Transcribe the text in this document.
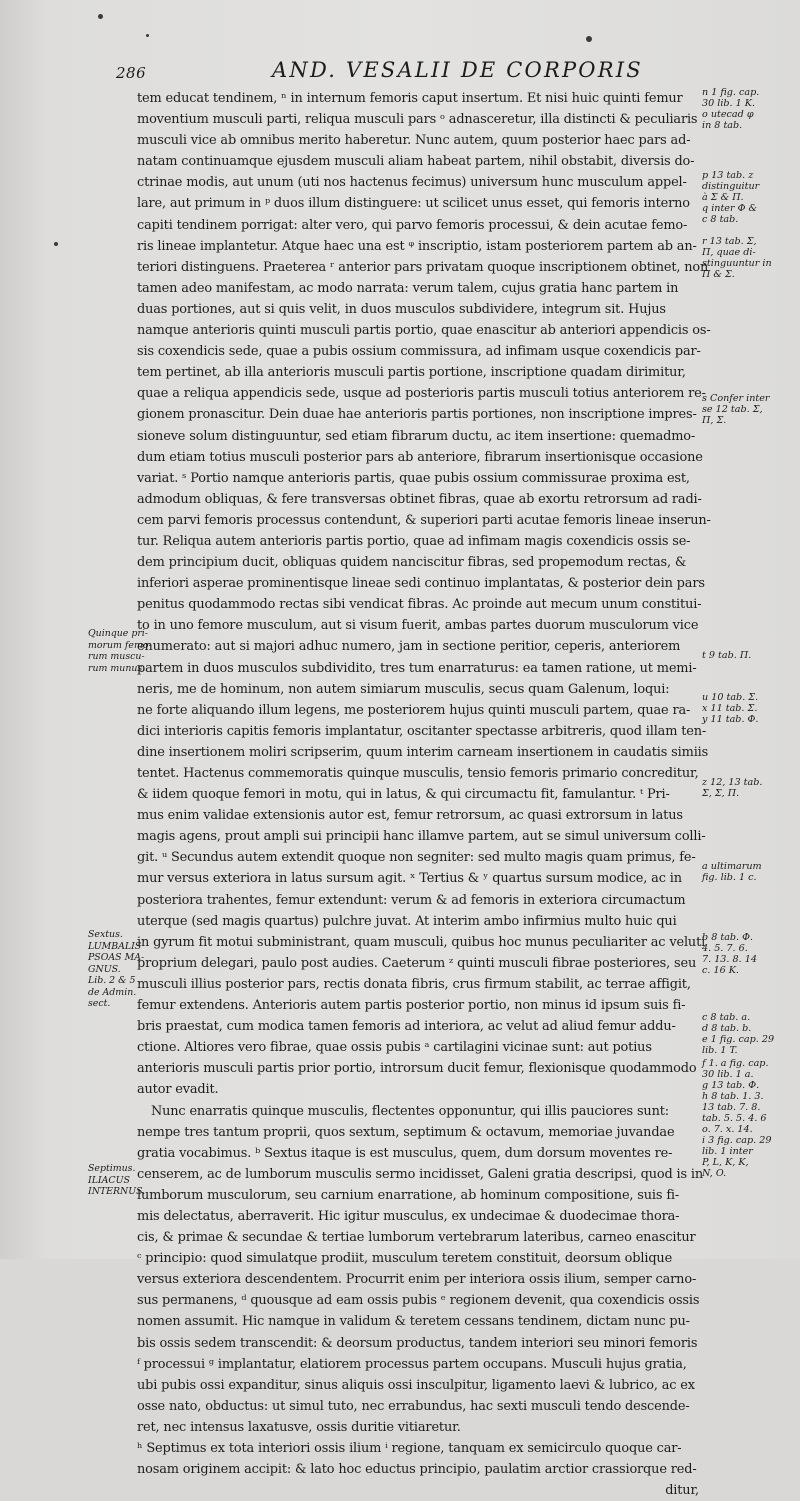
286	AND. VESALII DE CORPORIS
tem educat tendinem, ⁿ in internum femoris caput insertum. Et nisi huic quinti femur
moventium musculi parti, reliqua musculi pars ᵒ adnasceretur, illa distincti & peculiaris
musculi vice ab omnibus merito haberetur. Nunc autem, quum posterior haec pars ad-
natam continuamque ejusdem musculi aliam habeat partem, nihil obstabit, diversis do-
ctrinae modis, aut unum (uti nos hactenus fecimus) universum hunc musculum appel-
lare, aut primum in ᵖ duos illum distinguere: ut scilicet unus esset, qui femoris interno
capiti tendinem porrigat: alter vero, qui parvo femoris processui, & dein acutae femo-
ris lineae implantetur. Atque haec una est ᵠ inscriptio, istam posteriorem partem ab an-
teriori distinguens. Praeterea ʳ anterior pars privatam quoque inscriptionem obtinet, non
tamen adeo manifestam, ac modo narrata: verum talem, cujus gratia hanc partem in
duas portiones, aut si quis velit, in duos musculos subdividere, integrum sit. Hujus
namque anterioris quinti musculi partis portio, quae enascitur ab anteriori appendicis os-
sis coxendicis sede, quae a pubis ossium commissura, ad infimam usque coxendicis par-
tem pertinet, ab illa anterioris musculi partis portione, inscriptione quadam dirimitur,
quae a reliqua appendicis sede, usque ad posterioris partis musculi totius anteriorem re-
gionem pronascitur. Dein duae hae anterioris partis portiones, non inscriptione impres-
sioneve solum distinguuntur, sed etiam fibrarum ductu, ac item insertione: quemadmo-
dum etiam totius musculi posterior pars ab anteriore, fibrarum insertionisque occasione
variat. ˢ Portio namque anterioris partis, quae pubis ossium commissurae proxima est,
admodum obliquas, & fere transversas obtinet fibras, quae ab exortu retrorsum ad radi-
cem parvi femoris processus contendunt, & superiori parti acutae femoris lineae inserun-
tur. Reliqua autem anterioris partis portio, quae ad infimam magis coxendicis ossis se-
dem principium ducit, obliquas quidem nanciscitur fibras, sed propemodum rectas, &
inferiori asperae prominentisque lineae sedi continuo implantatas, & posterior dein pars
penitus quodammodo rectas sibi vendicat fibras. Ac proinde aut mecum unum constitui-
to in uno femore musculum, aut si visum fuerit, ambas partes duorum musculorum vice
enumerato: aut si majori adhuc numero, jam in sectione peritior, ceperis, anteriorem
partem in duos musculos subdividito, tres tum enarraturus: ea tamen ratione, ut memi-
neris, me de hominum, non autem simiarum musculis, secus quam Galenum, loqui:
ne forte aliquando illum legens, me posteriorem hujus quinti musculi partem, quae ra-
dici interioris capitis femoris implantatur, oscitanter spectasse arbitreris, quod illam ten-
dine insertionem moliri scripserim, quum interim carneam insertionem in caudatis simiis
tentet. Hactenus commemoratis quinque musculis, tensio femoris primario concreditur,
& iidem quoque femori in motu, qui in latus, & qui circumactu fit, famulantur. ᵗ Pri-
mus enim validae extensionis autor est, femur retrorsum, ac quasi extrorsum in latus
magis agens, prout ampli sui principii hanc illamve partem, aut se simul universum colli-
git. ᵘ Secundus autem extendit quoque non segniter: sed multo magis quam primus, fe-
mur versus exteriora in latus sursum agit. ˣ Tertius & ʸ quartus sursum modice, ac in
posteriora trahentes, femur extendunt: verum & ad femoris in exteriora circumactum
uterque (sed magis quartus) pulchre juvat. At interim ambo infirmius multo huic qui
in gyrum fit motui subministrant, quam musculi, quibus hoc munus peculiariter ac veluti
proprium delegari, paulo post audies. Caeterum ᶻ quinti musculi fibrae posteriores, seu
musculi illius posterior pars, rectis donata fibris, crus firmum stabilit, ac terrae affigit,
femur extendens. Anterioris autem partis posterior portio, non minus id ipsum suis fi-
bris praestat, cum modica tamen femoris ad interiora, ac velut ad aliud femur addu-
ctione. Altiores vero fibrae, quae ossis pubis ᵃ cartilagini vicinae sunt: aut potius
anterioris musculi partis prior portio, introrsum ducit femur, flexionisque quodammodo
autor evadit.
Nunc enarratis quinque musculis, flectentes opponuntur, qui illis pauciores sunt:
nempe tres tantum proprii, quos sextum, septimum & octavum, memoriae juvandae
gratia vocabimus. ᵇ Sextus itaque is est musculus, quem, dum dorsum moventes re-
censerem, ac de lumborum musculis sermo incidisset, Galeni gratia descripsi, quod is in
lumborum musculorum, seu carnium enarratione, ab hominum compositione, suis fi-
mis delectatus, aberraverit. Hic igitur musculus, ex undecimae & duodecimae thora-
cis, & primae & secundae & tertiae lumborum vertebrarum lateribus, carneo enascitur
ᶜ principio: quod simulatque prodiit, musculum teretem constituit, deorsum oblique
versus exteriora descendentem. Procurrit enim per interiora ossis ilium, semper carno-
sus permanens, ᵈ quousque ad eam ossis pubis ᵉ regionem devenit, qua coxendicis ossis
nomen assumit. Hic namque in validum & teretem cessans tendinem, dictam nunc pu-
bis ossis sedem transcendit: & deorsum productus, tandem interiori seu minori femoris
ᶠ processui ᵍ implantatur, elatiorem processus partem occupans. Musculi hujus gratia,
ubi pubis ossi expanditur, sinus aliquis ossi insculpitur, ligamento laevi & lubrico, ac ex
osse nato, obductus: ut simul tuto, nec errabundus, hac sexti musculi tendo descende-
ret, nec intensus laxatusve, ossis duritie vitiaretur.
ʰ Septimus ex tota interiori ossis ilium ⁱ regione, tanquam ex semicirculo quoque car-
nosam originem accipit: & lato hoc eductus principio, paulatim arctior crassiorque red-
ditur,
n 1 fig. cap.
30 lib. 1 K.
o utecad φ
in 8 tab.
p 13 tab. z
distinguitur
à Σ & Π.
q inter Φ &
c 8 tab.
r 13 tab. Σ,
Π, quae di-
stinguuntur in
Π & Σ.
s Confer inter
se 12 tab. Σ,
Π, Σ.
t 9 tab. Π.
u 10 tab. Σ.
x 11 tab. Σ.
y 11 tab. Φ.
z 12, 13 tab.
Σ, Σ, Π.
a ultimarum
fig. lib. 1 c.
b 8 tab. Φ.
4. 5. 7. 6.
7. 13. 8. 14
c. 16 K.
c 8 tab. a.
d 8 tab. b.
e 1 fig. cap. 29
lib. 1 T.
f 1. a fig. cap.
30 lib. 1 a.
g 13 tab. Φ.
h 8 tab. 1. 3.
13 tab. 7. 8.
tab. 5. 5. 4. 6
o. 7. x. 14.
i 3 fig. cap. 29
lib. 1 inter
P, L, K, K,
N, O.
Quinque pri-
morum femo-
rum muscu-
rum munus.
Sextus.
LUMBALIS
PSOAS MA-
GNUS.
Lib. 2 & 5
de Admin.
sect.
Septimus.
ILIACUS
INTERNUS.
